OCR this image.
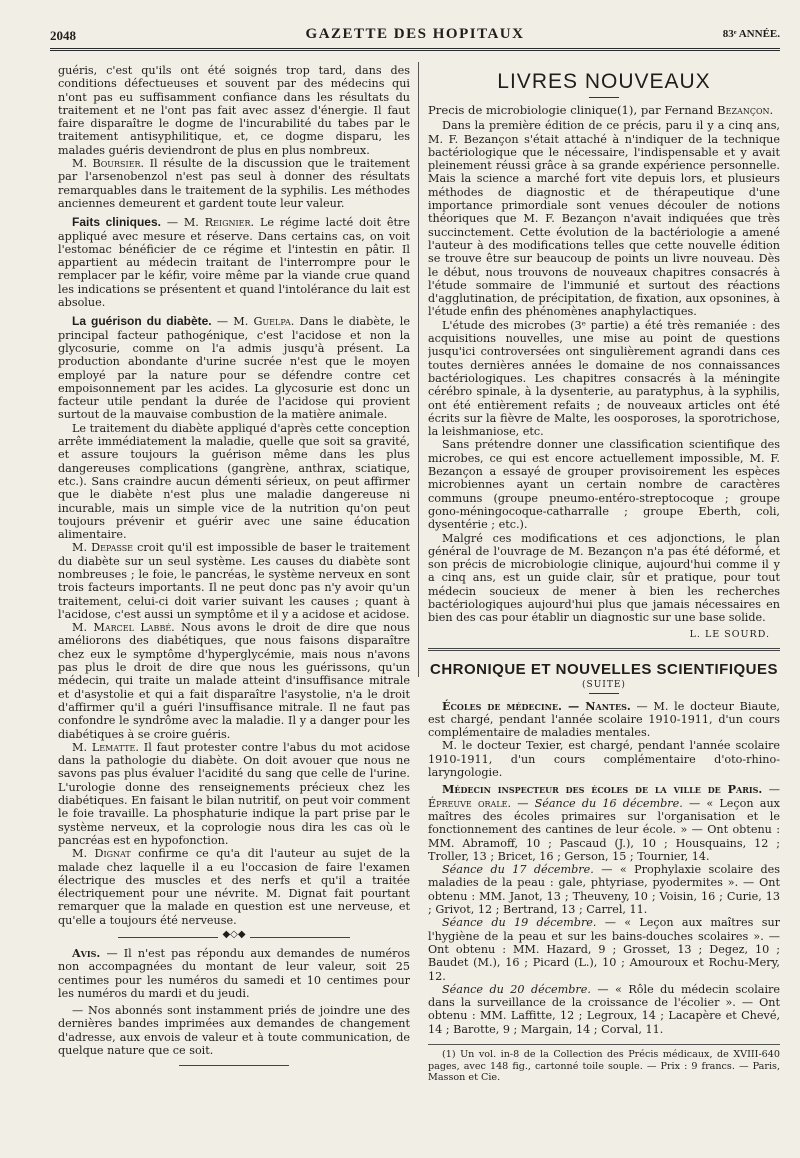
2048	GAZETTE DES HOPITAUX	83ᵉ ANNÉE.

guéris, c'est qu'ils ont été soignés trop tard, dans des conditions défectueuses et souvent par des médecins qui n'ont pas eu suffisamment confiance dans les résultats du traitement et ne l'ont pas fait avec assez d'énergie. Il faut faire disparaître le dogme de l'incurabilité du tabes par le traitement antisyphilitique, et, ce dogme disparu, les malades guéris deviendront de plus en plus nombreux.

M. Boursier. Il résulte de la discussion que le traitement par l'arsenobenzol n'est pas seul à donner des résultats remarquables dans le traitement de la syphilis. Les méthodes anciennes demeurent et gardent toute leur valeur.

Faits cliniques. — M. Reignier. Le régime lacté doit être appliqué avec mesure et réserve. Dans certains cas, on voit l'estomac bénéficier de ce régime et l'intestin en pâtir. Il appartient au médecin traitant de l'interrompre pour le remplacer par le kéfir, voire même par la viande crue quand les indications se présentent et quand l'intolérance du lait est absolue.

La guérison du diabète. — M. Guelpa. Dans le diabète, le principal facteur pathogénique, c'est l'acidose et non la glycosurie, comme on l'a admis jusqu'à présent. La production abondante d'urine sucrée n'est que le moyen employé par la nature pour se défendre contre cet empoisonnement par les acides. La glycosurie est donc un facteur utile pendant la durée de l'acidose qui provient surtout de la mauvaise combustion de la matière animale.

Le traitement du diabète appliqué d'après cette conception arrête immédiatement la maladie, quelle que soit sa gravité, et assure toujours la guérison même dans les plus dangereuses complications (gangrène, anthrax, sciatique, etc.). Sans craindre aucun démenti sérieux, on peut affirmer que le diabète n'est plus une maladie dangereuse ni incurable, mais un simple vice de la nutrition qu'on peut toujours prévenir et guérir avec une saine éducation alimentaire.

M. Depasse croit qu'il est impossible de baser le traitement du diabète sur un seul système. Les causes du diabète sont nombreuses ; le foie, le pancréas, le système nerveux en sont trois facteurs importants. Il ne peut donc pas n'y avoir qu'un traitement, celui-ci doit varier suivant les causes ; quant à l'acidose, c'est aussi un symptôme et il y a acidose et acidose.

M. Marcel Labbé. Nous avons le droit de dire que nous améliorons des diabétiques, que nous faisons disparaître chez eux le symptôme d'hyperglycémie, mais nous n'avons pas plus le droit de dire que nous les guérissons, qu'un médecin, qui traite un malade atteint d'insuffisance mitrale et d'asystolie et qui a fait disparaître l'asystolie, n'a le droit d'affirmer qu'il a guéri l'insuffisance mitrale. Il ne faut pas confondre le syndrôme avec la maladie. Il y a danger pour les diabétiques à se croire guéris.

M. Lematte. Il faut protester contre l'abus du mot acidose dans la pathologie du diabète. On doit avouer que nous ne savons pas plus évaluer l'acidité du sang que celle de l'urine. L'urologie donne des renseignements précieux chez les diabétiques. En faisant le bilan nutritif, on peut voir comment le foie travaille. La phosphaturie indique la part prise par le système nerveux, et la coprologie nous dira les cas où le pancréas est en hypofonction.

M. Dignat confirme ce qu'a dit l'auteur au sujet de la malade chez laquelle il a eu l'occasion de faire l'examen électrique des muscles et des nerfs et qu'il a traitée électriquement pour une névrite. M. Dignat fait pourtant remarquer que la malade en question est une nerveuse, et qu'elle a toujours été nerveuse.

◆◇◆

Avis. — Il n'est pas répondu aux demandes de numéros non accompagnées du montant de leur valeur, soit 25 centimes pour les numéros du samedi et 10 centimes pour les numéros du mardi et du jeudi.

— Nos abonnés sont instamment priés de joindre une des dernières bandes imprimées aux demandes de changement d'adresse, aux envois de valeur et à toute communication, de quelque nature que ce soit.

LIVRES NOUVEAUX

Precis de microbiologie clinique(1), par Fernand Bezançon.

Dans la première édition de ce précis, paru il y a cinq ans, M. F. Bezançon s'était attaché à n'indiquer de la technique bactériologique que le nécessaire, l'indispensable et y avait pleinement réussi grâce à sa grande expérience personnelle. Mais la science a marché fort vite depuis lors, et plusieurs méthodes de diagnostic et de thérapeutique d'une importance primordiale sont venues découler de notions théoriques que M. F. Bezançon n'avait indiquées que très succinctement. Cette évolution de la bactériologie a amené l'auteur à des modifications telles que cette nouvelle édition se trouve être sur beaucoup de points un livre nouveau. Dès le début, nous trouvons de nouveaux chapitres consacrés à l'étude sommaire de l'immunié et surtout des réactions d'agglutination, de précipitation, de fixation, aux opsonines, à l'étude enfin des phénomènes anaphylactiques.

L'étude des microbes (3ᵉ partie) a été très remaniée : des acquisitions nouvelles, une mise au point de questions jusqu'ici controversées ont singulièrement agrandi dans ces toutes dernières années le domaine de nos connaissances bactériologiques. Les chapitres consacrés à la méningite cérébro spinale, à la dysenterie, au paratyphus, à la syphilis, ont été entièrement refaits ; de nouveaux articles ont été écrits sur la fièvre de Malte, les oosporoses, la sporotrichose, la leishmaniose, etc.

Sans prétendre donner une classification scientifique des microbes, ce qui est encore actuellement impossible, M. F. Bezançon a essayé de grouper provisoirement les espèces microbiennes ayant un certain nombre de caractères communs (groupe pneumo-entéro-streptocoque ; groupe gono-méningocoque-catharralle ; groupe Eberth, coli, dysentérie ; etc.).

Malgré ces modifications et ces adjonctions, le plan général de l'ouvrage de M. Bezançon n'a pas été déformé, et son précis de microbiologie clinique, aujourd'hui comme il y a cinq ans, est un guide clair, sûr et pratique, pour tout médecin soucieux de mener à bien les recherches bactériologiques aujourd'hui plus que jamais nécessaires en bien des cas pour établir un diagnostic sur une base solide.

L. LE SOURD.
CHRONIQUE ET NOUVELLES SCIENTIFIQUES
(SUITE)

Écoles de médecine. — Nantes. — M. le docteur Biaute, est chargé, pendant l'année scolaire 1910-1911, d'un cours complémentaire de maladies mentales.

M. le docteur Texier, est chargé, pendant l'année scolaire 1910-1911, d'un cours complémentaire d'oto-rhino-laryngologie.

Médecin inspecteur des écoles de la ville de Paris. — Épreuve orale. — Séance du 16 décembre. — « Leçon aux maîtres des écoles primaires sur l'organisation et le fonctionnement des cantines de leur école. » — Ont obtenu : MM. Abramoff, 10 ; Pascaud (J.), 10 ; Housquains, 12 ; Troller, 13 ; Bricet, 16 ; Gerson, 15 ; Tournier, 14.

Séance du 17 décembre. — « Prophylaxie scolaire des maladies de la peau : gale, phtyriase, pyodermites ». — Ont obtenu : MM. Janot, 13 ; Theuveny, 10 ; Voisin, 16 ; Curie, 13 ; Grivot, 12 ; Bertrand, 13 ; Carrel, 11.

Séance du 19 décembre. — « Leçon aux maîtres sur l'hygiène de la peau et sur les bains-douches scolaires ». — Ont obtenu : MM. Hazard, 9 ; Grosset, 13 ; Degez, 10 ; Baudet (M.), 16 ; Picard (L.), 10 ; Amouroux et Rochu-Mery, 12.

Séance du 20 décembre. — « Rôle du médecin scolaire dans la surveillance de la croissance de l'écolier ». — Ont obtenu : MM. Laffitte, 12 ; Legroux, 14 ; Lacapère et Chevé, 14 ; Barotte, 9 ; Margain, 14 ; Corval, 11.

(1) Un vol. in-8 de la Collection des Précis médicaux, de XVIII-640 pages, avec 148 fig., cartonné toile souple. — Prix : 9 francs. — Paris, Masson et Cie.
